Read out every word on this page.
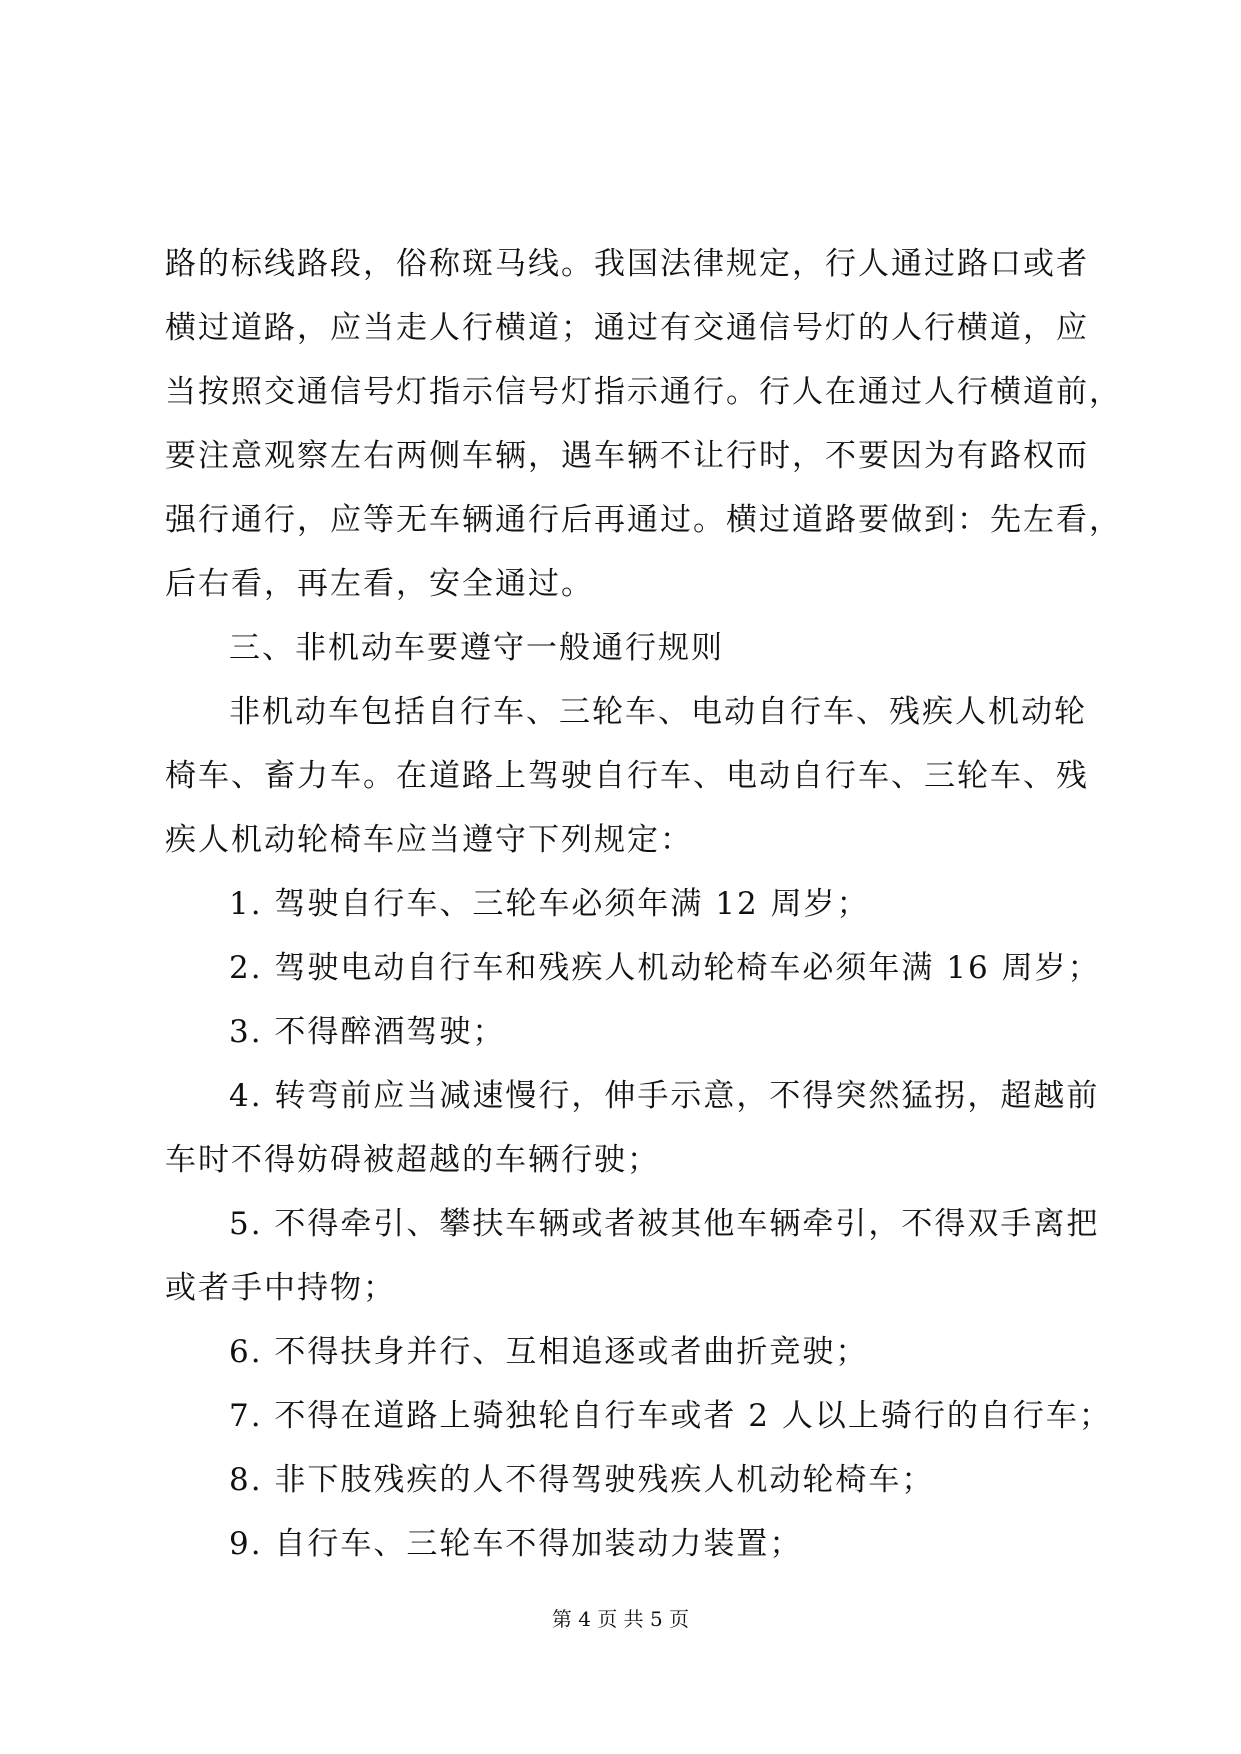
路的标线路段，俗称斑马线。我国法律规定，行人通过路口或者
横过道路，应当走人行横道；通过有交通信号灯的人行横道，应
当按照交通信号灯指示信号灯指示通行。行人在通过人行横道前，
要注意观察左右两侧车辆，遇车辆不让行时，不要因为有路权而
强行通行，应等无车辆通行后再通过。横过道路要做到：先左看，
后右看，再左看，安全通过。
三、非机动车要遵守一般通行规则
非机动车包括自行车、三轮车、电动自行车、残疾人机动轮
椅车、畜力车。在道路上驾驶自行车、电动自行车、三轮车、残
疾人机动轮椅车应当遵守下列规定：
1. 驾驶自行车、三轮车必须年满 12 周岁；
2. 驾驶电动自行车和残疾人机动轮椅车必须年满 16 周岁；
3. 不得醉酒驾驶；
4. 转弯前应当减速慢行，伸手示意，不得突然猛拐，超越前
车时不得妨碍被超越的车辆行驶；
5. 不得牵引、攀扶车辆或者被其他车辆牵引，不得双手离把
或者手中持物；
6. 不得扶身并行、互相追逐或者曲折竞驶；
7. 不得在道路上骑独轮自行车或者 2 人以上骑行的自行车；
8. 非下肢残疾的人不得驾驶残疾人机动轮椅车；
9. 自行车、三轮车不得加装动力装置；
第 4 页 共 5 页
